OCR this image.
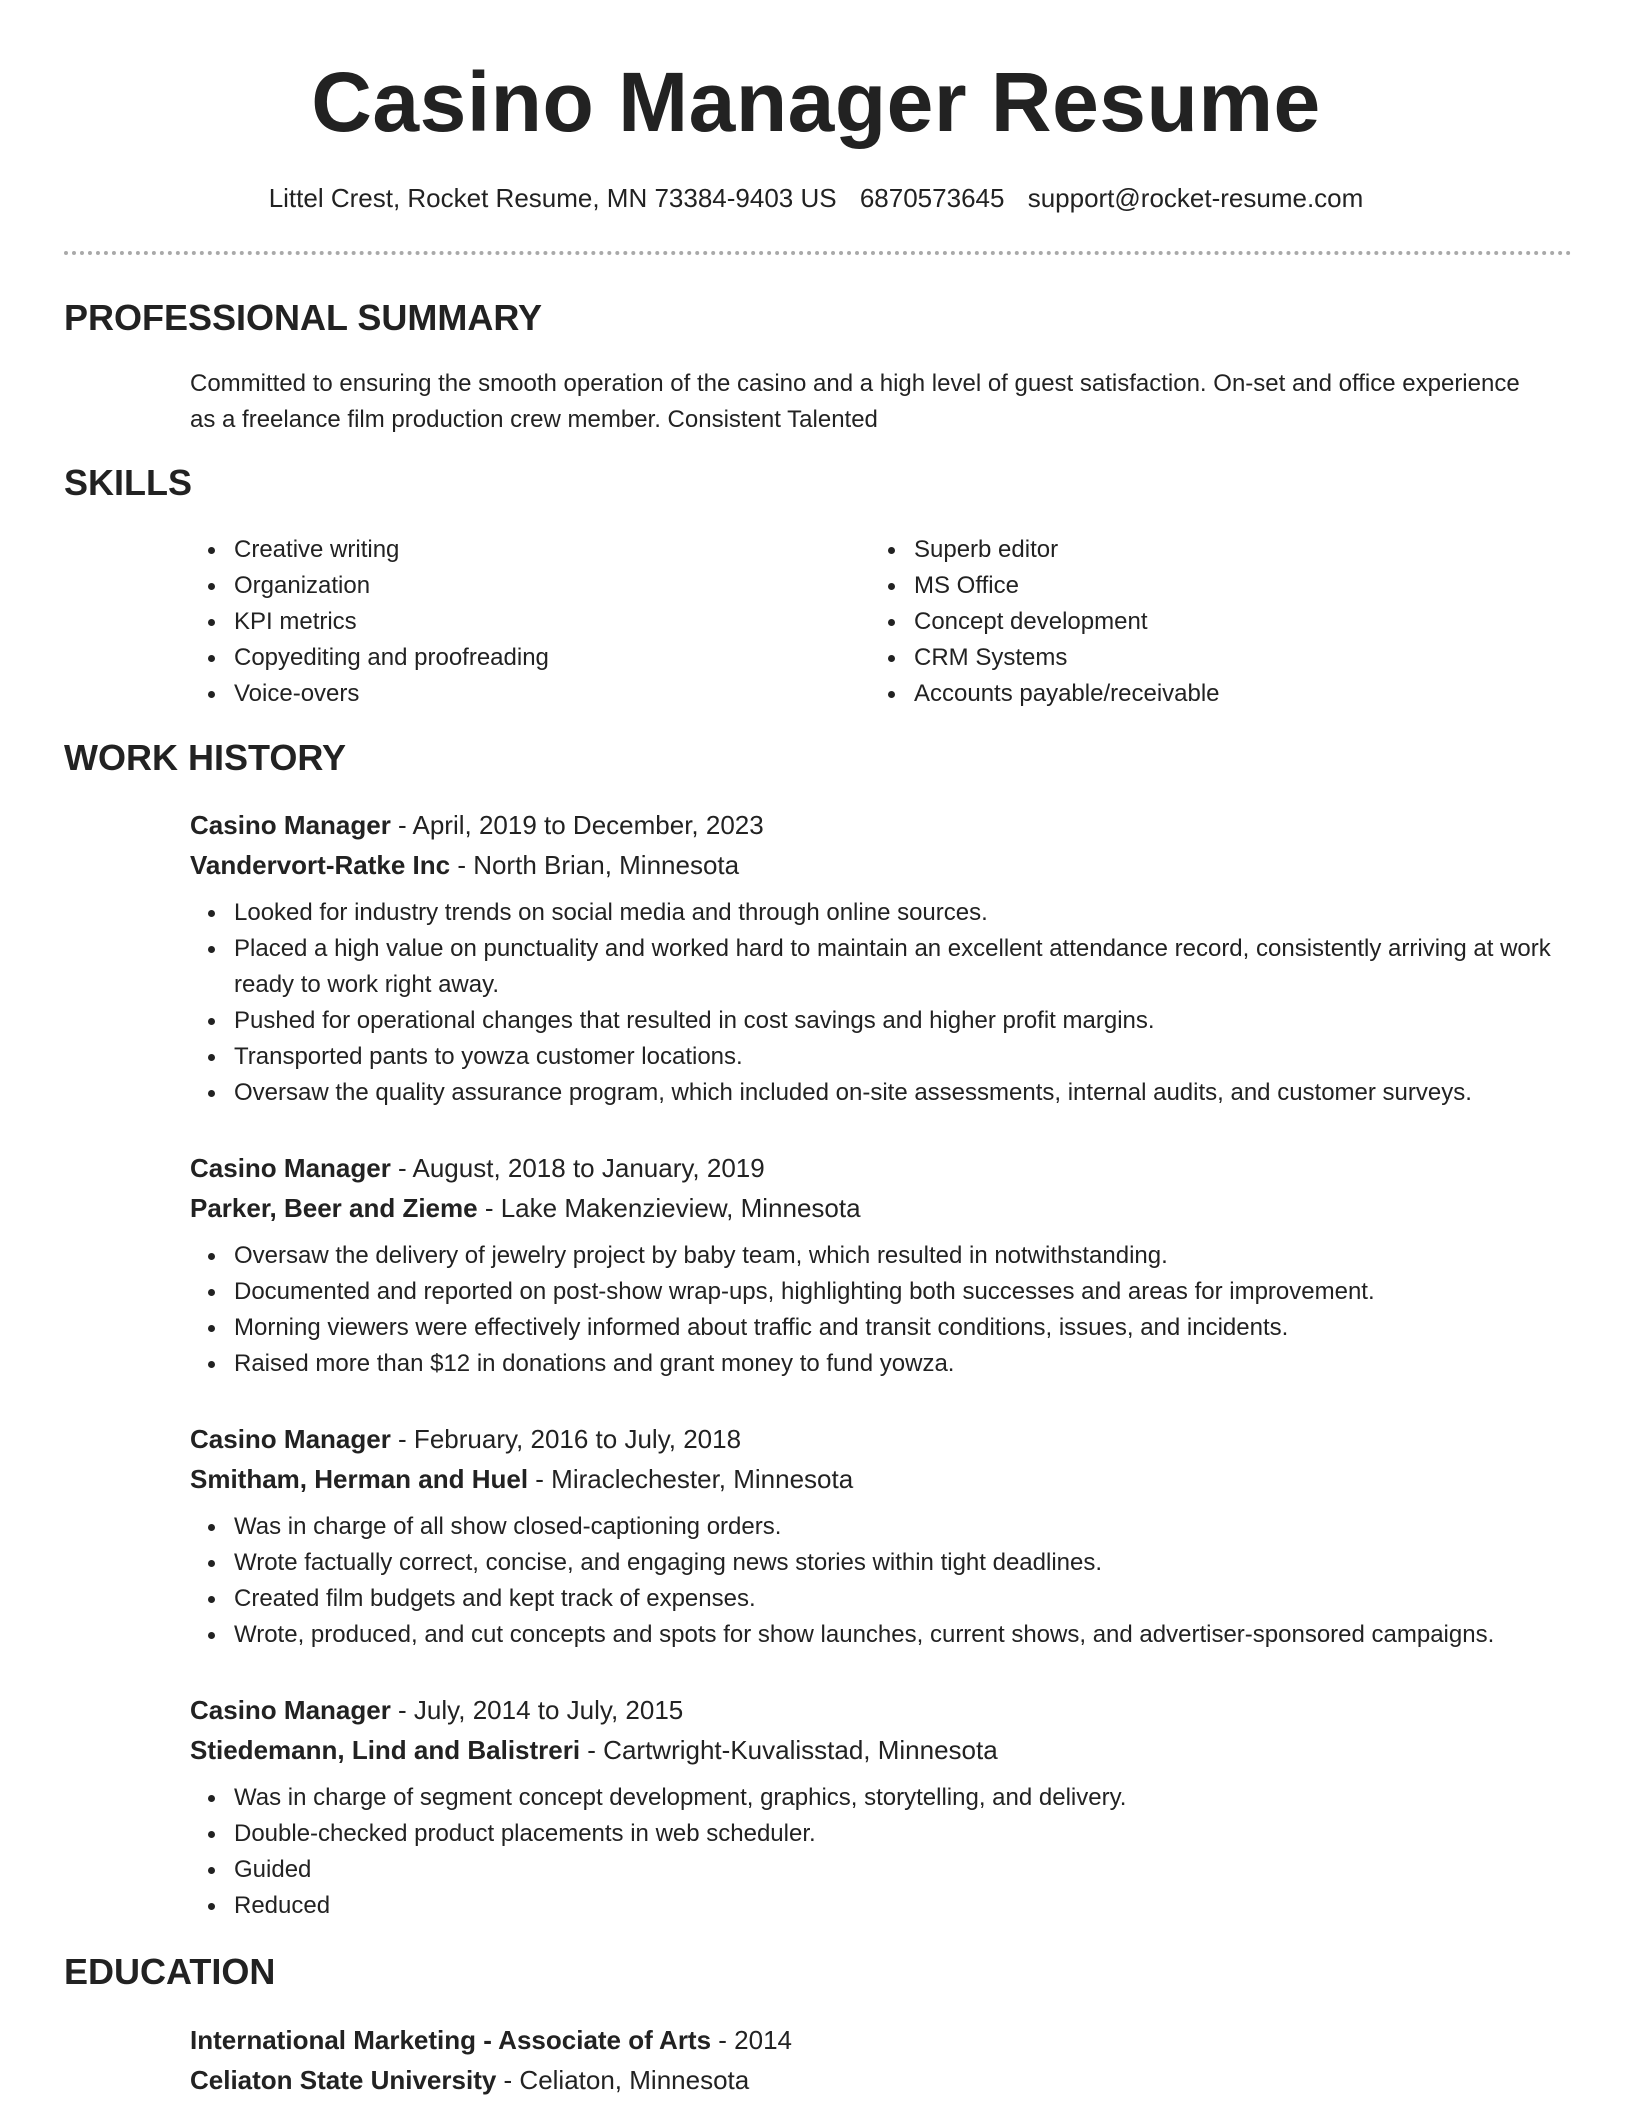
Casino Manager Resume
Littel Crest, Rocket Resume, MN 73384-9403 US 6870573645 support@rocket-resume.com
PROFESSIONAL SUMMARY
Committed to ensuring the smooth operation of the casino and a high level of guest satisfaction. On-set and office experience as a freelance film production crew member. Consistent Talented
SKILLS
Creative writing
Organization
KPI metrics
Copyediting and proofreading
Voice-overs
Superb editor
MS Office
Concept development
CRM Systems
Accounts payable/receivable
WORK HISTORY
Casino Manager - April, 2019 to December, 2023
Vandervort-Ratke Inc - North Brian, Minnesota
Looked for industry trends on social media and through online sources.
Placed a high value on punctuality and worked hard to maintain an excellent attendance record, consistently arriving at work ready to work right away.
Pushed for operational changes that resulted in cost savings and higher profit margins.
Transported pants to yowza customer locations.
Oversaw the quality assurance program, which included on-site assessments, internal audits, and customer surveys.
Casino Manager - August, 2018 to January, 2019
Parker, Beer and Zieme - Lake Makenzieview, Minnesota
Oversaw the delivery of jewelry project by baby team, which resulted in notwithstanding.
Documented and reported on post-show wrap-ups, highlighting both successes and areas for improvement.
Morning viewers were effectively informed about traffic and transit conditions, issues, and incidents.
Raised more than $12 in donations and grant money to fund yowza.
Casino Manager - February, 2016 to July, 2018
Smitham, Herman and Huel - Miraclechester, Minnesota
Was in charge of all show closed-captioning orders.
Wrote factually correct, concise, and engaging news stories within tight deadlines.
Created film budgets and kept track of expenses.
Wrote, produced, and cut concepts and spots for show launches, current shows, and advertiser-sponsored campaigns.
Casino Manager - July, 2014 to July, 2015
Stiedemann, Lind and Balistreri - Cartwright-Kuvalisstad, Minnesota
Was in charge of segment concept development, graphics, storytelling, and delivery.
Double-checked product placements in web scheduler.
Guided
Reduced
EDUCATION
International Marketing - Associate of Arts - 2014
Celiaton State University - Celiaton, Minnesota
